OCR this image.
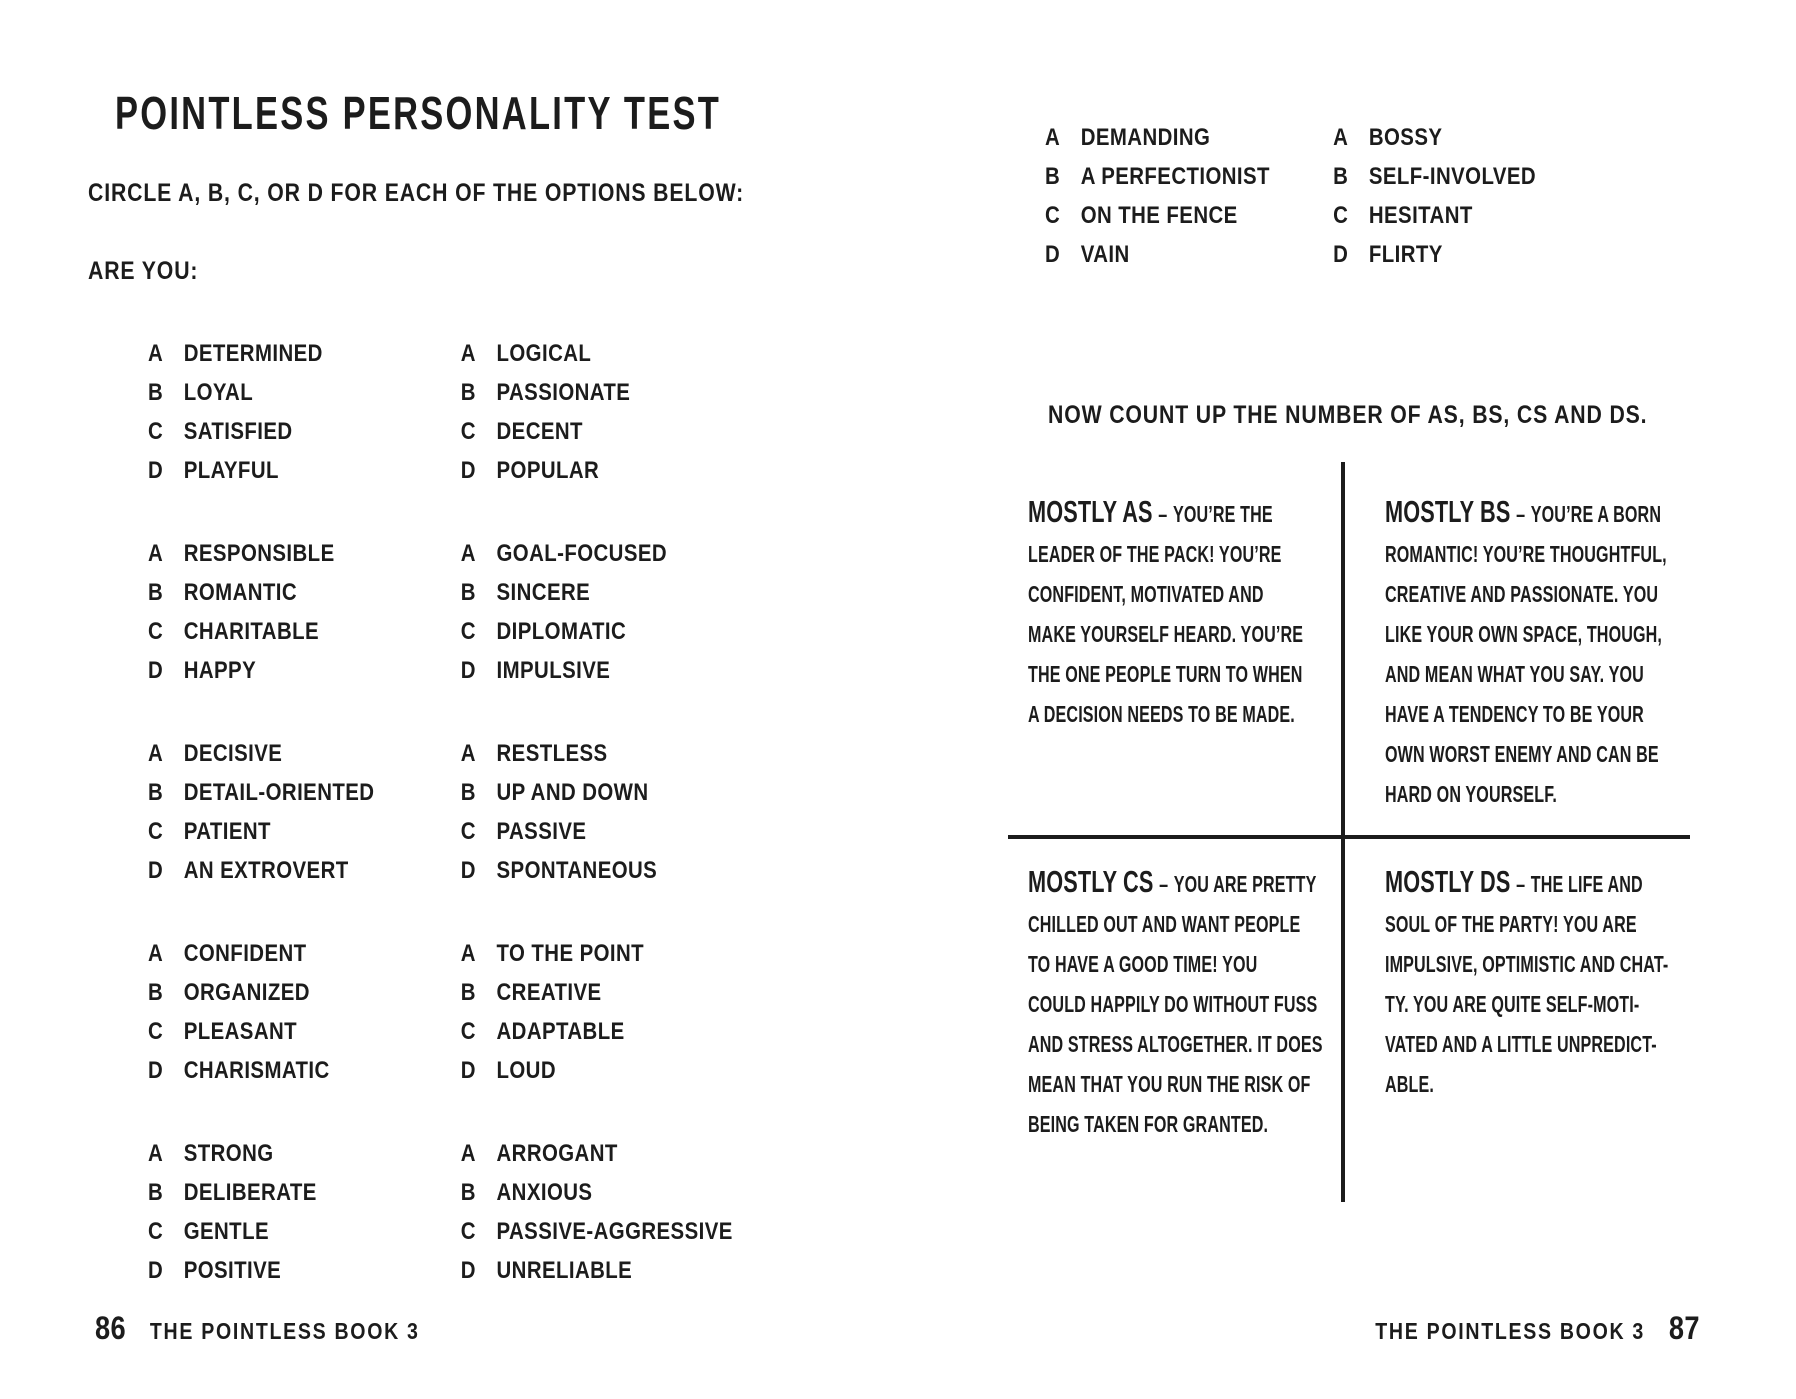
POINTLESS PERSONALITY TEST

CIRCLE A, B, C, OR D FOR EACH OF THE OPTIONS BELOW:

ARE YOU:

A DETERMINED
B LOYAL
C SATISFIED
D PLAYFUL
A LOGICAL
B PASSIONATE
C DECENT
D POPULAR
A RESPONSIBLE
B ROMANTIC
C CHARITABLE
D HAPPY
A GOAL-FOCUSED
B SINCERE
C DIPLOMATIC
D IMPULSIVE
A DECISIVE
B DETAIL-ORIENTED
C PATIENT
D AN EXTROVERT
A RESTLESS
B UP AND DOWN
C PASSIVE
D SPONTANEOUS
A CONFIDENT
B ORGANIZED
C PLEASANT
D CHARISMATIC
A TO THE POINT
B CREATIVE
C ADAPTABLE
D LOUD
A STRONG
B DELIBERATE
C GENTLE
D POSITIVE
A ARROGANT
B ANXIOUS
C PASSIVE-AGGRESSIVE
D UNRELIABLE
86 THE POINTLESS BOOK 3
A DEMANDING
B A PERFECTIONIST
C ON THE FENCE
D VAIN
A BOSSY
B SELF-INVOLVED
C HESITANT
D FLIRTY

NOW COUNT UP THE NUMBER OF AS, BS, CS AND DS.

MOSTLY AS – YOU’RE THE
LEADER OF THE PACK! YOU’RE
CONFIDENT, MOTIVATED AND
MAKE YOURSELF HEARD. YOU’RE
THE ONE PEOPLE TURN TO WHEN
A DECISION NEEDS TO BE MADE.
MOSTLY BS – YOU’RE A BORN
ROMANTIC! YOU’RE THOUGHTFUL,
CREATIVE AND PASSIONATE. YOU
LIKE YOUR OWN SPACE, THOUGH,
AND MEAN WHAT YOU SAY. YOU
HAVE A TENDENCY TO BE YOUR
OWN WORST ENEMY AND CAN BE
HARD ON YOURSELF.
MOSTLY CS – YOU ARE PRETTY
CHILLED OUT AND WANT PEOPLE
TO HAVE A GOOD TIME! YOU
COULD HAPPILY DO WITHOUT FUSS
AND STRESS ALTOGETHER. IT DOES
MEAN THAT YOU RUN THE RISK OF
BEING TAKEN FOR GRANTED.
MOSTLY DS – THE LIFE AND
SOUL OF THE PARTY! YOU ARE
IMPULSIVE, OPTIMISTIC AND CHAT-
TY. YOU ARE QUITE SELF-MOTI-
VATED AND A LITTLE UNPREDICT-
ABLE.
THE POINTLESS BOOK 3 87
